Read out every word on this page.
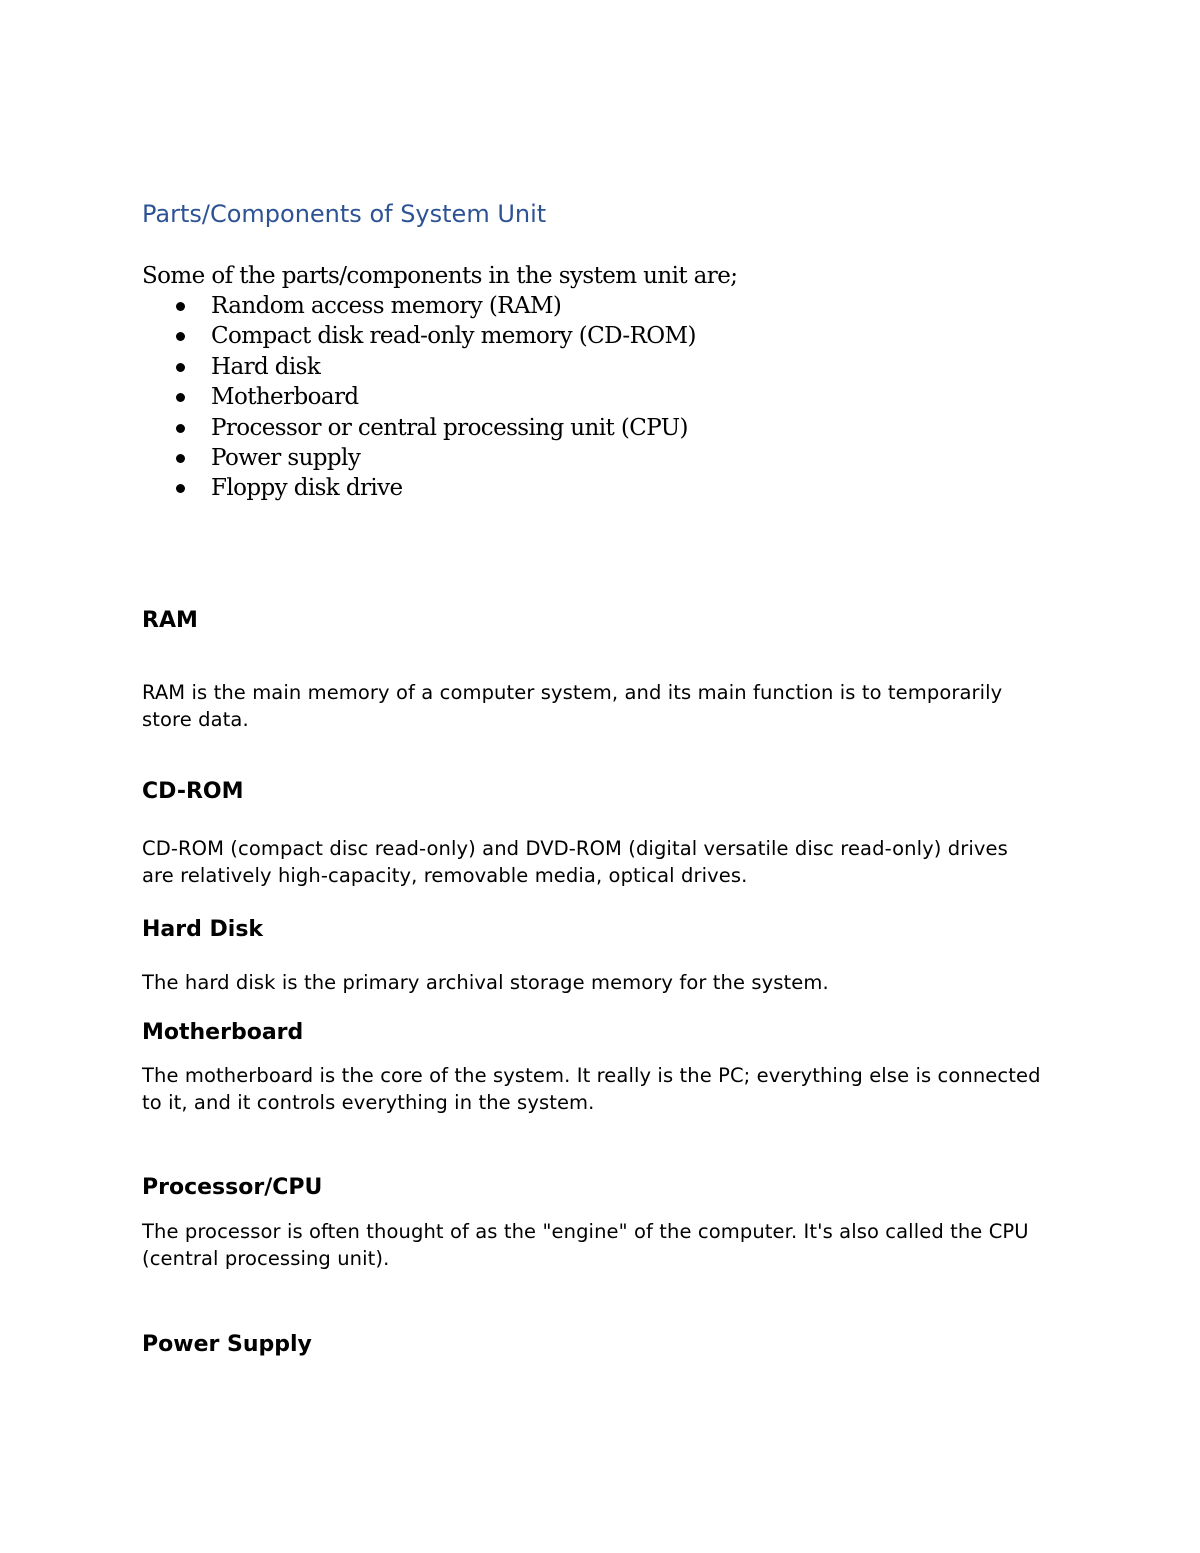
Parts/Components of System Unit

Some of the parts/components in the system unit are;

Random access memory (RAM)
Compact disk read-only memory (CD-ROM)
Hard disk
Motherboard
Processor or central processing unit (CPU)
Power supply
Floppy disk drive
RAM

RAM is the main memory of a computer system, and its main function is to temporarily store data.

CD-ROM

CD-ROM (compact disc read-only) and DVD-ROM (digital versatile disc read-only) drives are relatively high-capacity, removable media, optical drives.

Hard Disk

The hard disk is the primary archival storage memory for the system.

Motherboard

The motherboard is the core of the system. It really is the PC; everything else is connected to it, and it controls everything in the system.

Processor/CPU

The processor is often thought of as the "engine" of the computer. It's also called the CPU (central processing unit).

Power Supply
